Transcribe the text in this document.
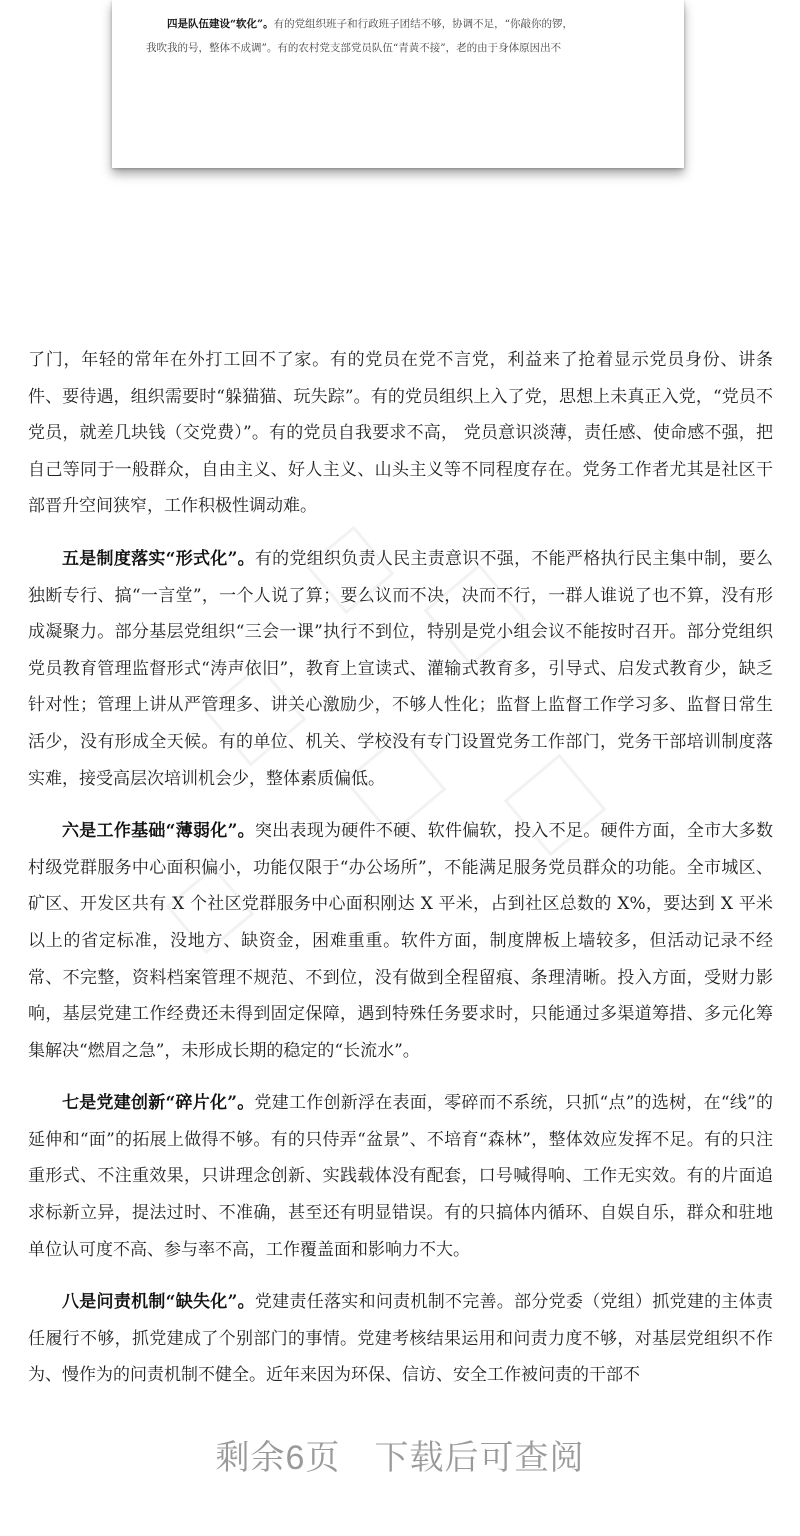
四是队伍建设“软化”。有的党组织班子和行政班子团结不够，协调不足，“你敲你的锣，

我吹我的号，整体不成调”。有的农村党支部党员队伍“青黄不接”，老的由于身体原因出不

了门，年轻的常年在外打工回不了家。有的党员在党不言党，利益来了抢着显示党员身份、讲条件、要待遇，组织需要时“躲猫猫、玩失踪”。有的党员组织上入了党，思想上未真正入党，“党员不党员，就差几块钱（交党费）”。有的党员自我要求不高， 党员意识淡薄，责任感、使命感不强，把自己等同于一般群众，自由主义、好人主义、山头主义等不同程度存在。党务工作者尤其是社区干部晋升空间狭窄，工作积极性调动难。

五是制度落实“形式化”。有的党组织负责人民主责意识不强，不能严格执行民主集中制，要么独断专行、搞“一言堂”，一个人说了算；要么议而不决，决而不行，一群人谁说了也不算，没有形成凝聚力。部分基层党组织“三会一课”执行不到位，特别是党小组会议不能按时召开。部分党组织党员教育管理监督形式“涛声依旧”，教育上宣读式、灌输式教育多，引导式、启发式教育少，缺乏针对性；管理上讲从严管理多、讲关心激励少，不够人性化；监督上监督工作学习多、监督日常生活少，没有形成全天候。有的单位、机关、学校没有专门设置党务工作部门，党务干部培训制度落实难，接受高层次培训机会少，整体素质偏低。

六是工作基础“薄弱化”。突出表现为硬件不硬、软件偏软，投入不足。硬件方面，全市大多数村级党群服务中心面积偏小，功能仅限于“办公场所”，不能满足服务党员群众的功能。全市城区、矿区、开发区共有 X 个社区党群服务中心面积刚达 X 平米，占到社区总数的 X%，要达到 X 平米以上的省定标准，没地方、缺资金，困难重重。软件方面，制度牌板上墙较多，但活动记录不经常、不完整，资料档案管理不规范、不到位，没有做到全程留痕、条理清晰。投入方面，受财力影响，基层党建工作经费还未得到固定保障，遇到特殊任务要求时，只能通过多渠道筹措、多元化筹集解决“燃眉之急”，未形成长期的稳定的“长流水”。

七是党建创新“碎片化”。党建工作创新浮在表面，零碎而不系统，只抓“点”的选树，在“线”的延伸和“面”的拓展上做得不够。有的只侍弄“盆景”、不培育“森林”，整体效应发挥不足。有的只注重形式、不注重效果，只讲理念创新、实践载体没有配套，口号喊得响、工作无实效。有的片面追求标新立异，提法过时、不准确，甚至还有明显错误。有的只搞体内循环、自娱自乐，群众和驻地单位认可度不高、参与率不高，工作覆盖面和影响力不大。

八是问责机制“缺失化”。党建责任落实和问责机制不完善。部分党委（党组）抓党建的主体责任履行不够，抓党建成了个别部门的事情。党建考核结果运用和问责力度不够，对基层党组织不作为、慢作为的问责机制不健全。近年来因为环保、信访、安全工作被问责的干部不

剩余6页 下载后可查阅
